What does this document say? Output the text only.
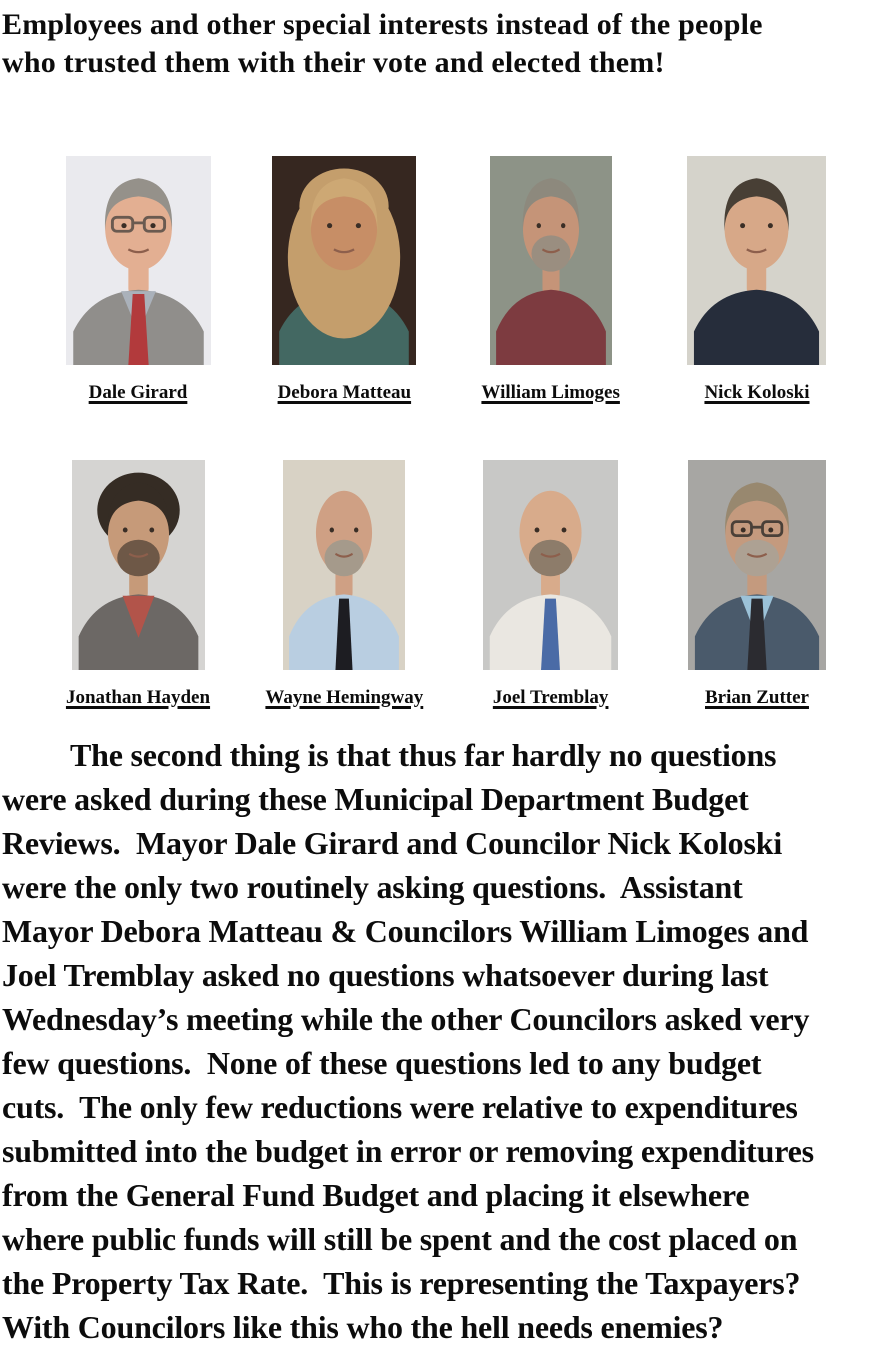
Employees and other special interests instead of the people
who trusted them with their vote and elected them!
Dale Girard	Debora Matteau	William Limoges	Nick Koloski
Jonathan Hayden	Wayne Hemingway	Joel Tremblay	Brian Zutter
The second thing is that thus far hardly no questions
were asked during these Municipal Department Budget
Reviews.  Mayor Dale Girard and Councilor Nick Koloski
were the only two routinely asking questions.  Assistant
Mayor Debora Matteau & Councilors William Limoges and
Joel Tremblay asked no questions whatsoever during last
Wednesday’s meeting while the other Councilors asked very
few questions.  None of these questions led to any budget
cuts.  The only few reductions were relative to expenditures
submitted into the budget in error or removing expenditures
from the General Fund Budget and placing it elsewhere
where public funds will still be spent and the cost placed on
the Property Tax Rate.  This is representing the Taxpayers?
With Councilors like this who the hell needs enemies?
